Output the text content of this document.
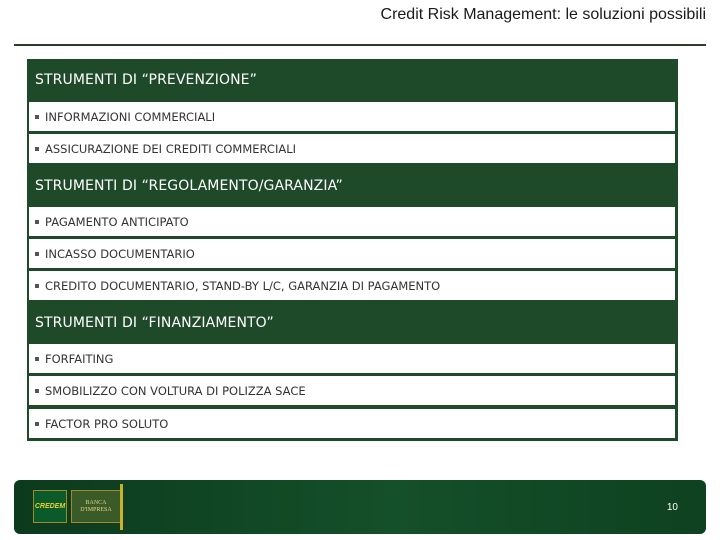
Credit Risk Management: le soluzioni possibili
STRUMENTI DI “PREVENZIONE”
INFORMAZIONI COMMERCIALI
ASSICURAZIONE DEI CREDITI COMMERCIALI
STRUMENTI DI “REGOLAMENTO/GARANZIA”
PAGAMENTO ANTICIPATO
INCASSO DOCUMENTARIO
CREDITO DOCUMENTARIO, STAND-BY L/C, GARANZIA DI PAGAMENTO
STRUMENTI DI “FINANZIAMENTO”
FORFAITING
SMOBILIZZO CON VOLTURA DI POLIZZA SACE
FACTOR PRO SOLUTO
CREDEM
BANCA
D'IMPRESA	10
